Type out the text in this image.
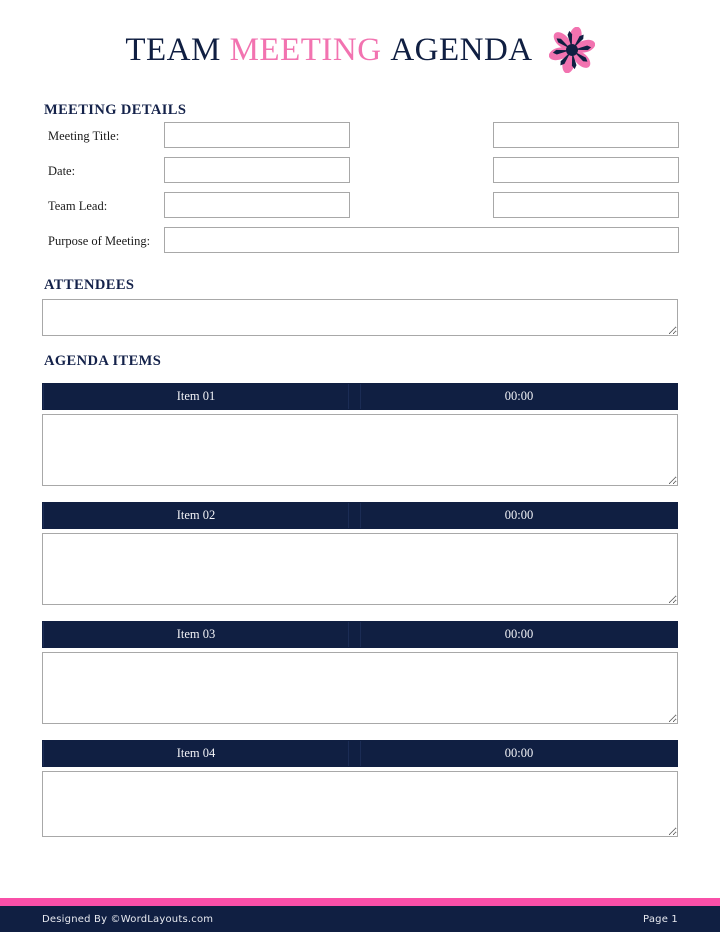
TEAM MEETING AGENDA
MEETING DETAILS
Meeting Title:
Date:
Team Lead:
Purpose of Meeting:
ATTENDEES
AGENDA ITEMS
Item 01	00:00
Item 02	00:00
Item 03	00:00
Item 04	00:00
Designed By ©WordLayouts.com	Page 1
